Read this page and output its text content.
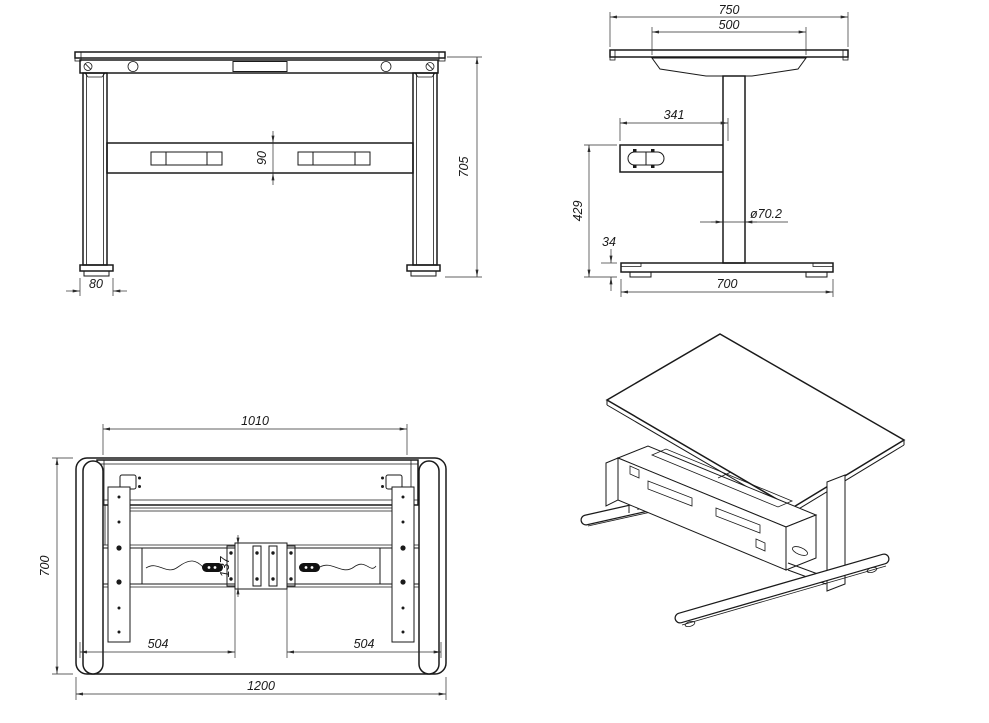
705
90
80
750
500
341
429
34
ø70.2
700
1010
700
504	504
137
1200
